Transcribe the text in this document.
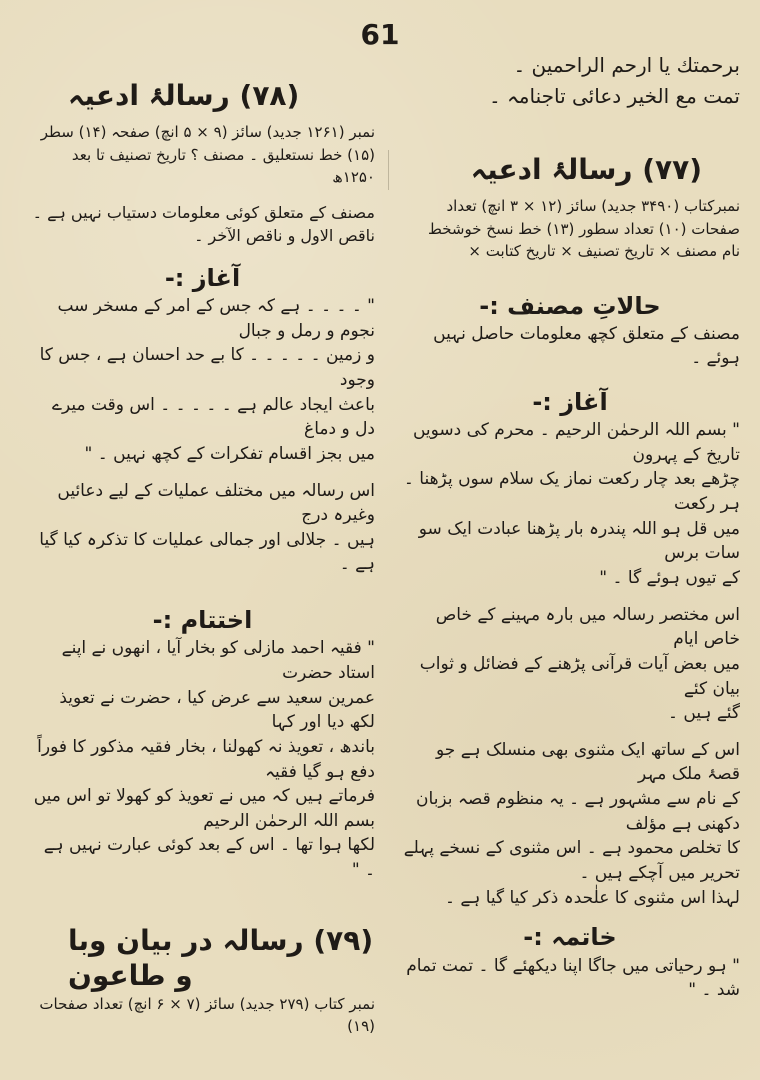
61

برحمتك يا ارحم الراحمين ۔

تمت مع الخير دعائی تاجنامہ ۔

(۷۷) رسالۂ ادعیہ

نمبرکتاب (۳۴۹۰ جدید) سائز (۱۲ × ۳ انچ) تعداد

صفحات (۱۰) تعداد سطور (۱۳) خط نسخ خوشخط

نام مصنف × تاریخ تصنیف × تاریخ کتابت ×

حالاتِ مصنف :-

مصنف کے متعلق کچھ معلومات حاصل نہیں ہوئے ۔

آغاز :-

" بسم اللہ الرحمٰن الرحیم ۔ محرم کی دسویں تاریخ کے پہرون

چڑھے بعد چار رکعت نماز یک سلام سوں پڑھنا ۔ ہر رکعت

میں قل ہو اللہ پندرہ بار پڑھنا عبادت ایک سو سات برس

کے تیوں ہوئے گا ۔ "

اس مختصر رسالہ میں بارہ مہینے کے خاص خاص ایام

میں بعض آیات قرآنی پڑھنے کے فضائل و ثواب بیان کئے

گئے ہیں ۔

اس کے ساتھ ایک مثنوی بھی منسلک ہے جو قصۂ ملک مہر

کے نام سے مشہور ہے ۔ یہ منظوم قصہ بزبان دکھنی ہے مؤلف

کا تخلص محمود ہے ۔ اس مثنوی کے نسخے پہلے تحریر میں آچکے ہیں ۔

لہذا اس مثنوی کا علٰحدہ ذکر کیا گیا ہے ۔

خاتمہ :-

" ہو رحیاتی میں جاگا اپنا دیکھئے گا ۔ تمت تمام شد ۔ "

(۷۸) رسالۂ ادعیہ

نمبر (۱۲۶۱ جدید) سائز (۹ × ۵ انچ) صفحہ (۱۴) سطر

(۱۵) خط نستعلیق ۔ مصنف ؟ تاریخ تصنیف تا بعد ۱۲۵۰ھ

مصنف کے متعلق کوئی معلومات دستیاب نہیں ہے ۔

ناقص الاول و ناقص الآخر ۔

آغاز :-

" ۔ ۔ ۔ ۔ ہے کہ جس کے امر کے مسخر سب نجوم و رمل و جبال

و زمین ۔ ۔ ۔ ۔ ۔ کا بے حد احسان ہے ، جس کا وجود

باعث ایجاد عالم ہے ۔ ۔ ۔ ۔ ۔ اس وقت میرے دل و دماغ

میں بجز اقسام تفکرات کے کچھ نہیں ۔ "

اس رسالہ میں مختلف عملیات کے لیے دعائیں وغیرہ درج

ہیں ۔ جلالی اور جمالی عملیات کا تذکرہ کیا گیا ہے ۔

اختتام :-

" فقیہ احمد مازلی کو بخار آیا ، انھوں نے اپنے استاد حضرت

عمرین سعید سے عرض کیا ، حضرت نے تعویذ لکھ دیا اور کہا

باندھ ، تعویذ نہ کھولنا ، بخار فقیہ مذکور کا فوراً دفع ہو گیا فقیہ

فرماتے ہیں کہ میں نے تعویذ کو کھولا تو اس میں بسم اللہ الرحمٰن الرحیم

لکھا ہوا تھا ۔ اس کے بعد کوئی عبارت نہیں ہے ۔ "

(۷۹) رسالہ در بیان وبا و طاعون

نمبر کتاب (۲۷۹ جدید) سائز (۷ × ۶ انچ) تعداد صفحات (۱۹)
